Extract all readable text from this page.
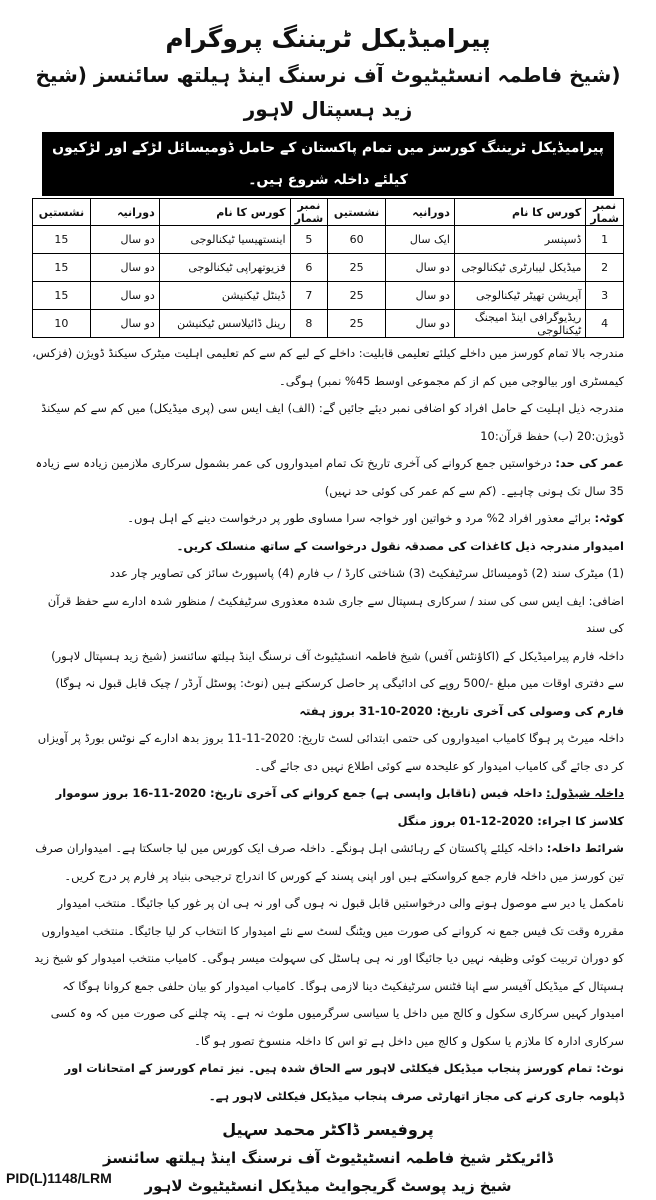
پیرامیڈیکل ٹریننگ پروگرام
(شیخ فاطمہ انسٹیٹیوٹ آف نرسنگ اینڈ ہیلتھ سائنسز (شیخ زید ہسپتال لاہور
پیرامیڈیکل ٹریننگ کورسز میں تمام پاکستان کے حامل ڈومیسائل لڑکے اور لڑکیوں کیلئے داخلہ شروع ہیں۔
نمبر شمار	کورس کا نام	دورانیہ	نشستیں	نمبر شمار	کورس کا نام	دورانیہ	نشستیں
1	ڈسپنسر	ایک سال	60	5	اینستھیسیا ٹیکنالوجی	دو سال	15
2	میڈیکل لیبارٹری ٹیکنالوجی	دو سال	25	6	فزیوتھراپی ٹیکنالوجی	دو سال	15
3	آپریشن تھیٹر ٹیکنالوجی	دو سال	25	7	ڈینٹل ٹیکنیشن	دو سال	15
4	ریڈیوگرافی اینڈ امیجنگ ٹیکنالوجی	دو سال	25	8	رینل ڈائیلاسس ٹیکنیشن	دو سال	10

مندرجہ بالا تمام کورسز میں داخلے کیلئے تعلیمی قابلیت: داخلے کے لیے کم سے کم تعلیمی اہلیت میٹرک سیکنڈ ڈویژن (فزکس، کیمسٹری اور بیالوجی میں کم از کم مجموعی اوسط 45% نمبر) ہوگی۔

مندرجہ ذیل اہلیت کے حامل افراد کو اضافی نمبر دیئے جائیں گے: (الف) ایف ایس سی (پری میڈیکل) میں کم سے کم سیکنڈ ڈویژن:20 (ب) حفظ قرآن:10

عمر کی حد: درخواستیں جمع کروانے کی آخری تاریخ تک تمام امیدواروں کی عمر بشمول سرکاری ملازمین زیادہ سے زیادہ 35 سال تک ہونی چاہیے۔ (کم سے کم عمر کی کوئی حد نہیں)

کوٹہ: برائے معذور افراد 2% مرد و خواتین اور خواجہ سرا مساوی طور پر درخواست دینے کے اہل ہوں۔

امیدوار مندرجہ ذیل کاغذات کی مصدقہ نقول درخواست کے ساتھ منسلک کریں۔

(1) میٹرک سند (2) ڈومیسائل سرٹیفکیٹ (3) شناختی کارڈ / ب فارم (4) پاسپورٹ سائز کی تصاویر چار عدد

اضافی: ایف ایس سی کی سند / سرکاری ہسپتال سے جاری شدہ معذوری سرٹیفکیٹ / منظور شدہ ادارے سے حفظ قرآن کی سند

داخلہ فارم پیرامیڈیکل کے (اکاؤنٹس آفس) شیخ فاطمہ انسٹیٹیوٹ آف نرسنگ اینڈ ہیلتھ سائنسز (شیخ زید ہسپتال لاہور) سے دفتری اوقات میں مبلغ -/500 روپے کی ادائیگی پر حاصل کرسکتے ہیں (نوٹ: پوسٹل آرڈر / چیک قابل قبول نہ ہوگا)

فارم کی وصولی کی آخری تاریخ: 2020-10-31 بروز ہفتہ

داخلہ میرٹ پر ہوگا کامیاب امیدواروں کی حتمی ابتدائی لسٹ تاریخ: 2020-11-11 بروز بدھ ادارے کے نوٹس بورڈ پر آویزاں کر دی جائے گی کامیاب امیدوار کو علیحدہ سے کوئی اطلاع نہیں دی جائے گی۔

داخلہ شیڈول: داخلہ فیس (ناقابل واپسی ہے) جمع کروانے کی آخری تاریخ: 2020-11-16 بروز سوموار کلاسز کا اجراء: 2020-12-01 بروز منگل

شرائط داخلہ: داخلہ کیلئے پاکستان کے رہائشی اہل ہونگے۔ داخلہ صرف ایک کورس میں لیا جاسکتا ہے۔ امیدواران صرف تین کورسز میں داخلہ فارم جمع کرواسکتے ہیں اور اپنی پسند کے کورس کا اندراج ترجیحی بنیاد پر فارم پر درج کریں۔ نامکمل یا دیر سے موصول ہونے والی درخواستیں قابل قبول نہ ہوں گی اور نہ ہی ان پر غور کیا جائیگا۔ منتخب امیدوار مقررہ وقت تک فیس جمع نہ کروانے کی صورت میں ویٹنگ لسٹ سے نئے امیدوار کا انتخاب کر لیا جائیگا۔ منتخب امیدواروں کو دوران تربیت کوئی وظیفہ نہیں دیا جائیگا اور نہ ہی ہاسٹل کی سہولت میسر ہوگی۔ کامیاب منتخب امیدوار کو شیخ زید ہسپتال کے میڈیکل آفیسر سے اپنا فٹنس سرٹیفکیٹ دینا لازمی ہوگا۔ کامیاب امیدوار کو بیان حلفی جمع کروانا ہوگا کہ امیدوار کہیں سرکاری سکول و کالج میں داخل یا سیاسی سرگرمیوں ملوث نہ ہے۔ پتہ چلنے کی صورت میں کہ وہ کسی سرکاری ادارہ کا ملازم یا سکول و کالج میں داخل ہے تو اس کا داخلہ منسوخ تصور ہو گا۔

نوٹ: تمام کورسز پنجاب میڈیکل فیکلٹی لاہور سے الحاق شدہ ہیں۔ نیز تمام کورسز کے امتحانات اور ڈپلومہ جاری کرنے کی مجاز اتھارٹی صرف پنجاب میڈیکل فیکلٹی لاہور ہے۔

پروفیسر ڈاکٹر محمد سہیل
ڈائریکٹر شیخ فاطمہ انسٹیٹیوٹ آف نرسنگ اینڈ ہیلتھ سائنسز
شیخ زید پوسٹ گریجوایٹ میڈیکل انسٹیٹیوٹ لاہور
PID(L)1148/LRM
